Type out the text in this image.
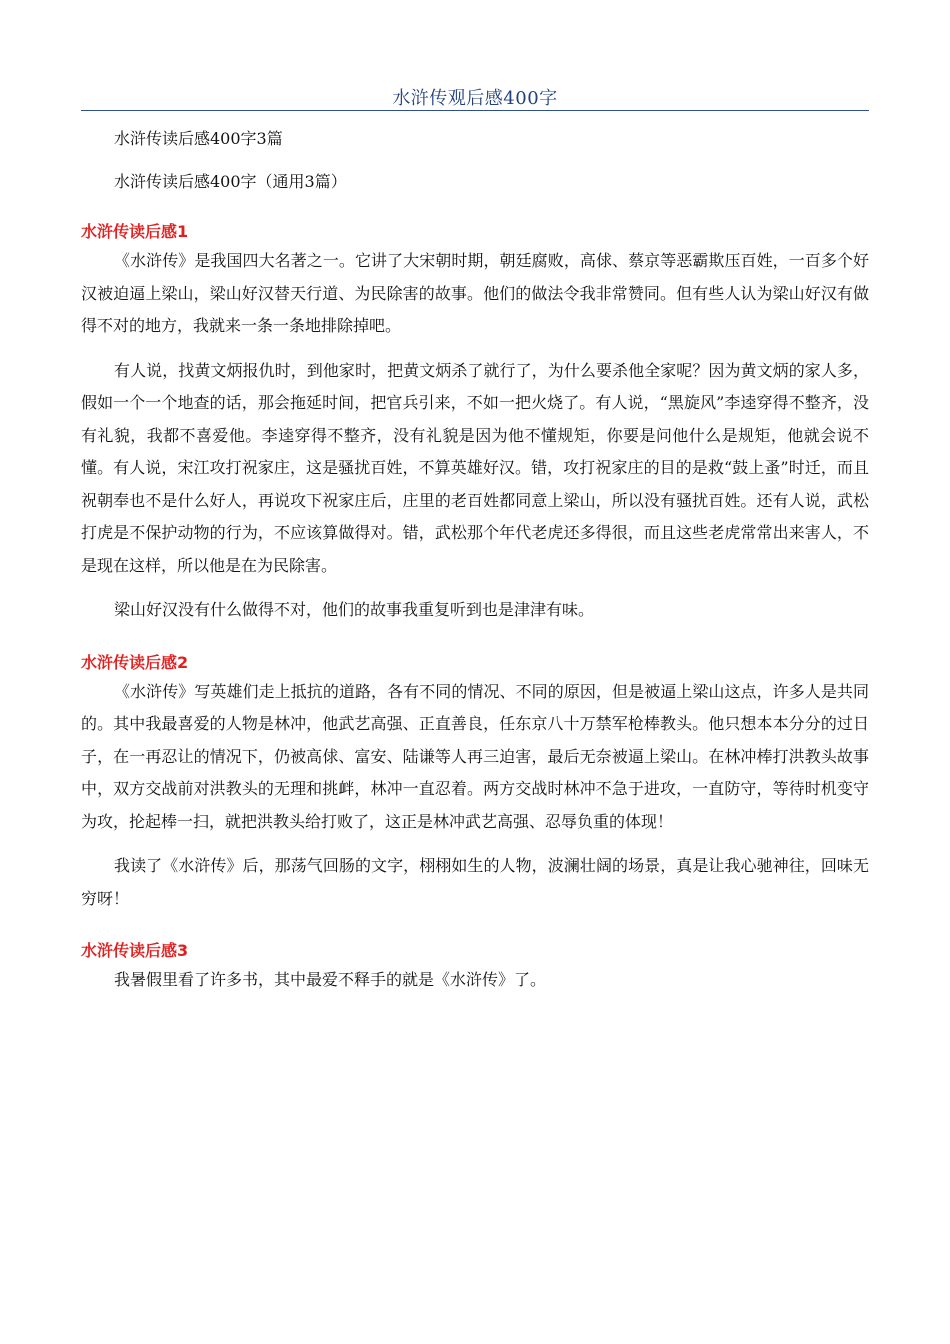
水浒传观后感400字

水浒传读后感400字3篇

水浒传读后感400字（通用3篇）

水浒传读后感1

《水浒传》是我国四大名著之一。它讲了大宋朝时期，朝廷腐败，高俅、蔡京等恶霸欺压百姓，一百多个好汉被迫逼上梁山，梁山好汉替天行道、为民除害的故事。他们的做法令我非常赞同。但有些人认为梁山好汉有做得不对的地方，我就来一条一条地排除掉吧。

有人说，找黄文炳报仇时，到他家时，把黄文炳杀了就行了，为什么要杀他全家呢？因为黄文炳的家人多，假如一个一个地查的话，那会拖延时间，把官兵引来，不如一把火烧了。有人说，“黑旋风”李逵穿得不整齐，没有礼貌，我都不喜爱他。李逵穿得不整齐，没有礼貌是因为他不懂规矩，你要是问他什么是规矩，他就会说不懂。有人说，宋江攻打祝家庄，这是骚扰百姓，不算英雄好汉。错，攻打祝家庄的目的是救“鼓上蚤”时迁，而且祝朝奉也不是什么好人，再说攻下祝家庄后，庄里的老百姓都同意上梁山，所以没有骚扰百姓。还有人说，武松打虎是不保护动物的行为，不应该算做得对。错，武松那个年代老虎还多得很，而且这些老虎常常出来害人，不是现在这样，所以他是在为民除害。

梁山好汉没有什么做得不对，他们的故事我重复听到也是津津有味。

水浒传读后感2

《水浒传》写英雄们走上抵抗的道路，各有不同的情况、不同的原因，但是被逼上梁山这点，许多人是共同的。其中我最喜爱的人物是林冲，他武艺高强、正直善良，任东京八十万禁军枪棒教头。他只想本本分分的过日子，在一再忍让的情况下，仍被高俅、富安、陆谦等人再三迫害，最后无奈被逼上梁山。在林冲棒打洪教头故事中，双方交战前对洪教头的无理和挑衅，林冲一直忍着。两方交战时林冲不急于进攻，一直防守，等待时机变守为攻，抡起棒一扫，就把洪教头给打败了，这正是林冲武艺高强、忍辱负重的体现！

我读了《水浒传》后，那荡气回肠的文字，栩栩如生的人物，波澜壮阔的场景，真是让我心驰神往，回味无穷呀！

水浒传读后感3

我暑假里看了许多书，其中最爱不释手的就是《水浒传》了。
